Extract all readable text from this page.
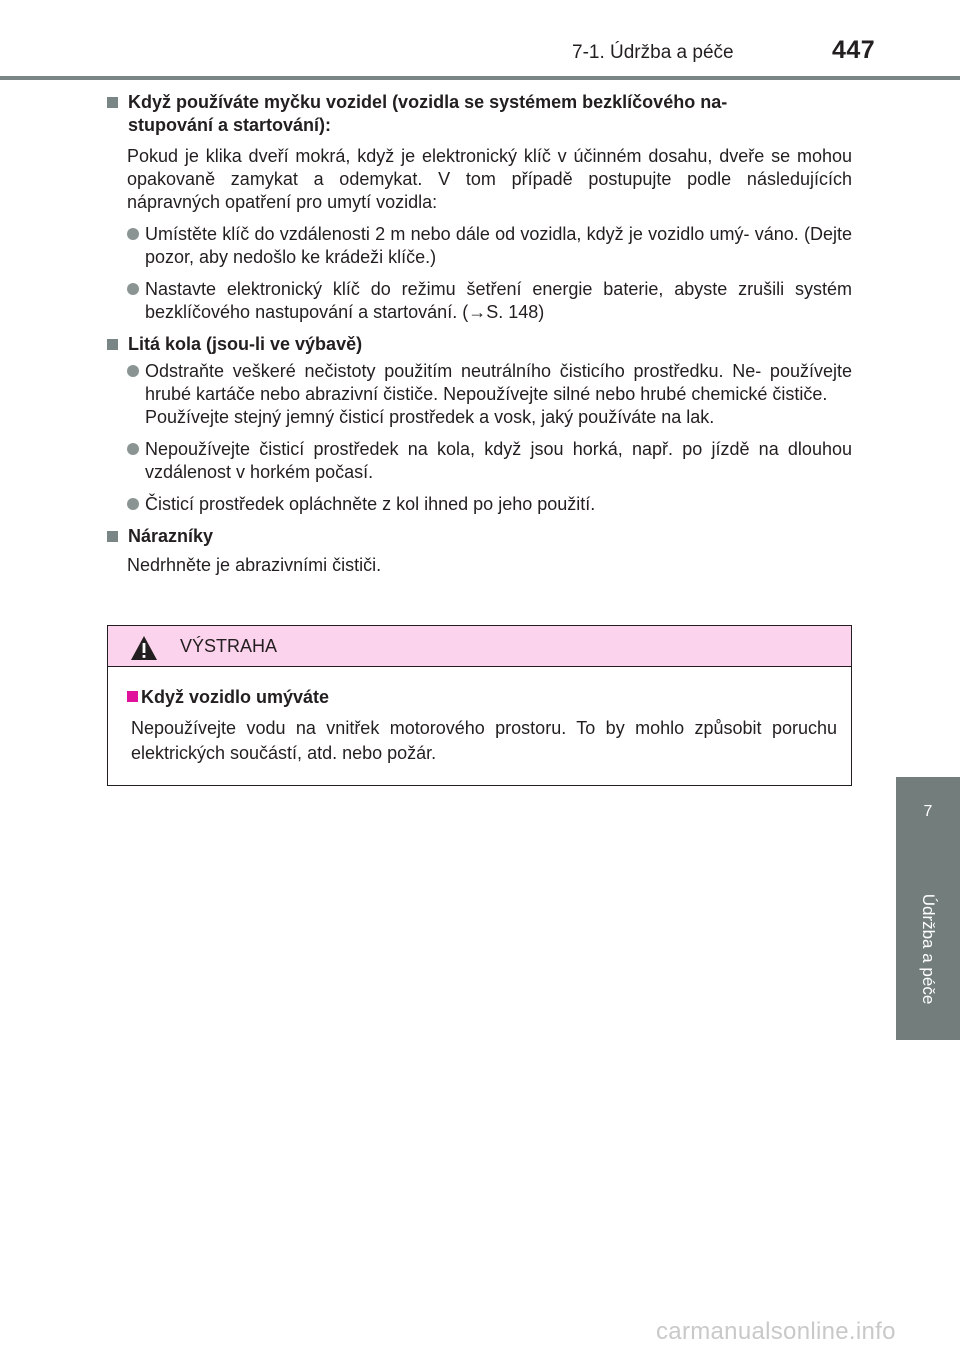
7-1. Údržba a péče	447
7
Údržba a péče
Když používáte myčku vozidel (vozidla se systémem bezklíčového na-
stupování a startování):
Pokud je klika dveří mokrá, když je elektronický klíč v účinném dosahu, dveře se mohou opakovaně zamykat a odemykat. V tom případě postupujte podle následujících nápravných opatření pro umytí vozidla:
Umístěte klíč do vzdálenosti 2 m nebo dále od vozidla, když je vozidlo umý- váno. (Dejte pozor, aby nedošlo ke krádeži klíče.)
Nastavte elektronický klíč do režimu šetření energie baterie, abyste zrušili systém bezklíčového nastupování a startování. (→S. 148)
Litá kola (jsou-li ve výbavě)
Odstraňte veškeré nečistoty použitím neutrálního čisticího prostředku. Ne- používejte hrubé kartáče nebo abrazivní čističe. Nepoužívejte silné nebo hrubé chemické čističe.
Používejte stejný jemný čisticí prostředek a vosk, jaký používáte na lak.
Nepoužívejte čisticí prostředek na kola, když jsou horká, např. po jízdě na dlouhou vzdálenost v horkém počasí.
Čisticí prostředek opláchněte z kol ihned po jeho použití.
Nárazníky
Nedrhněte je abrazivními čističi.
VÝSTRAHA
Když vozidlo umýváte
Nepoužívejte vodu na vnitřek motorového prostoru. To by mohlo způsobit poruchu elektrických součástí, atd. nebo požár.
carmanualsonline.info
